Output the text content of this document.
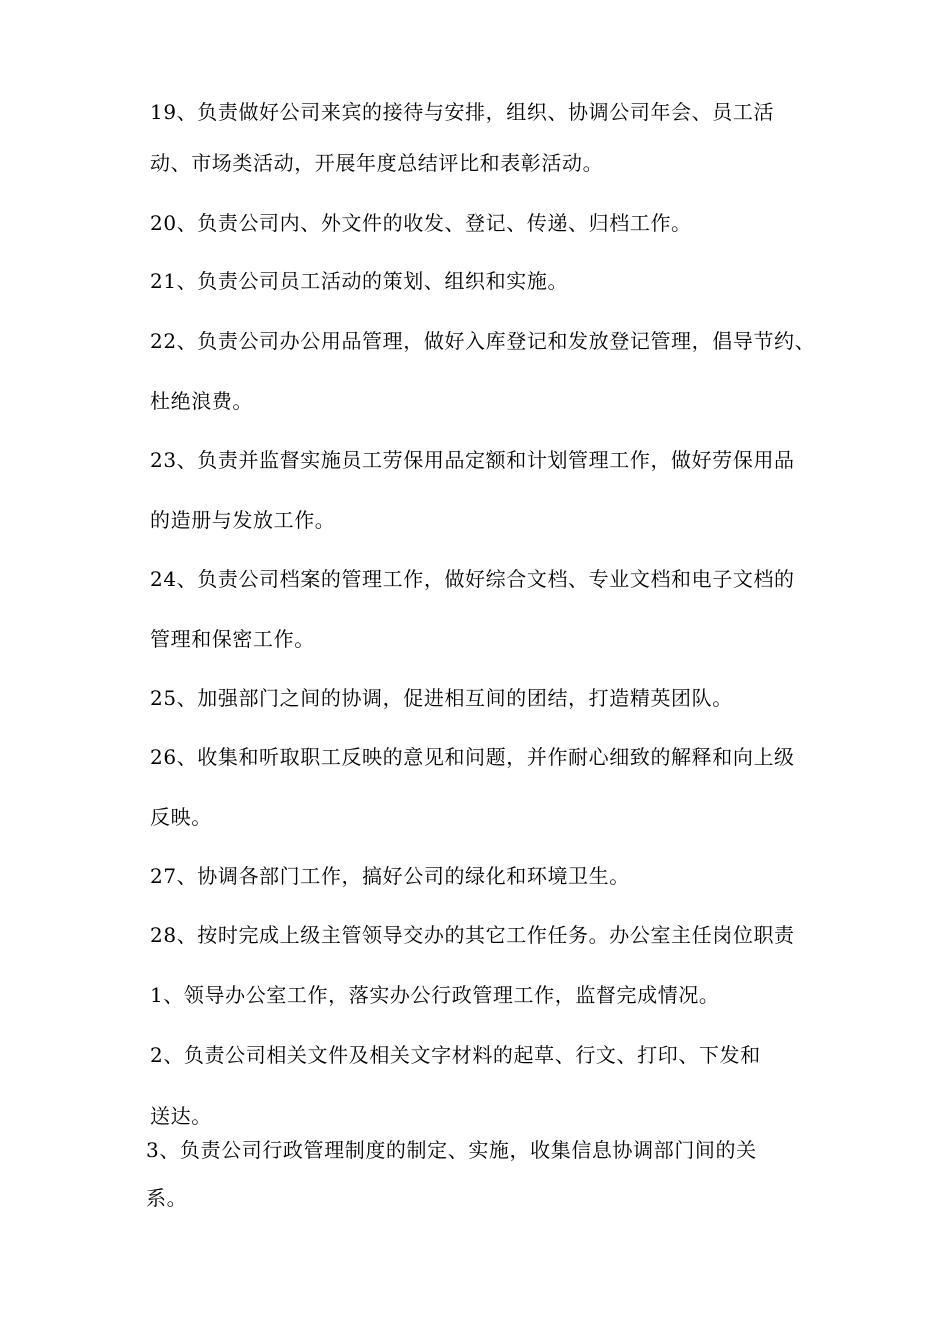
19、负责做好公司来宾的接待与安排，组织、协调公司年会、员工活

动、市场类活动，开展年度总结评比和表彰活动。

20、负责公司内、外文件的收发、登记、传递、归档工作。

21、负责公司员工活动的策划、组织和实施。

22、负责公司办公用品管理，做好入库登记和发放登记管理，倡导节约、

杜绝浪费。

23、负责并监督实施员工劳保用品定额和计划管理工作，做好劳保用品

的造册与发放工作。

24、负责公司档案的管理工作，做好综合文档、专业文档和电子文档的

管理和保密工作。

25、加强部门之间的协调，促进相互间的团结，打造精英团队。

26、收集和听取职工反映的意见和问题，并作耐心细致的解释和向上级

反映。

27、协调各部门工作，搞好公司的绿化和环境卫生。

28、按时完成上级主管领导交办的其它工作任务。办公室主任岗位职责

1、领导办公室工作，落实办公行政管理工作，监督完成情况。

2、负责公司相关文件及相关文字材料的起草、行文、打印、下发和

送达。

3、负责公司行政管理制度的制定、实施，收集信息协调部门间的关

系。
